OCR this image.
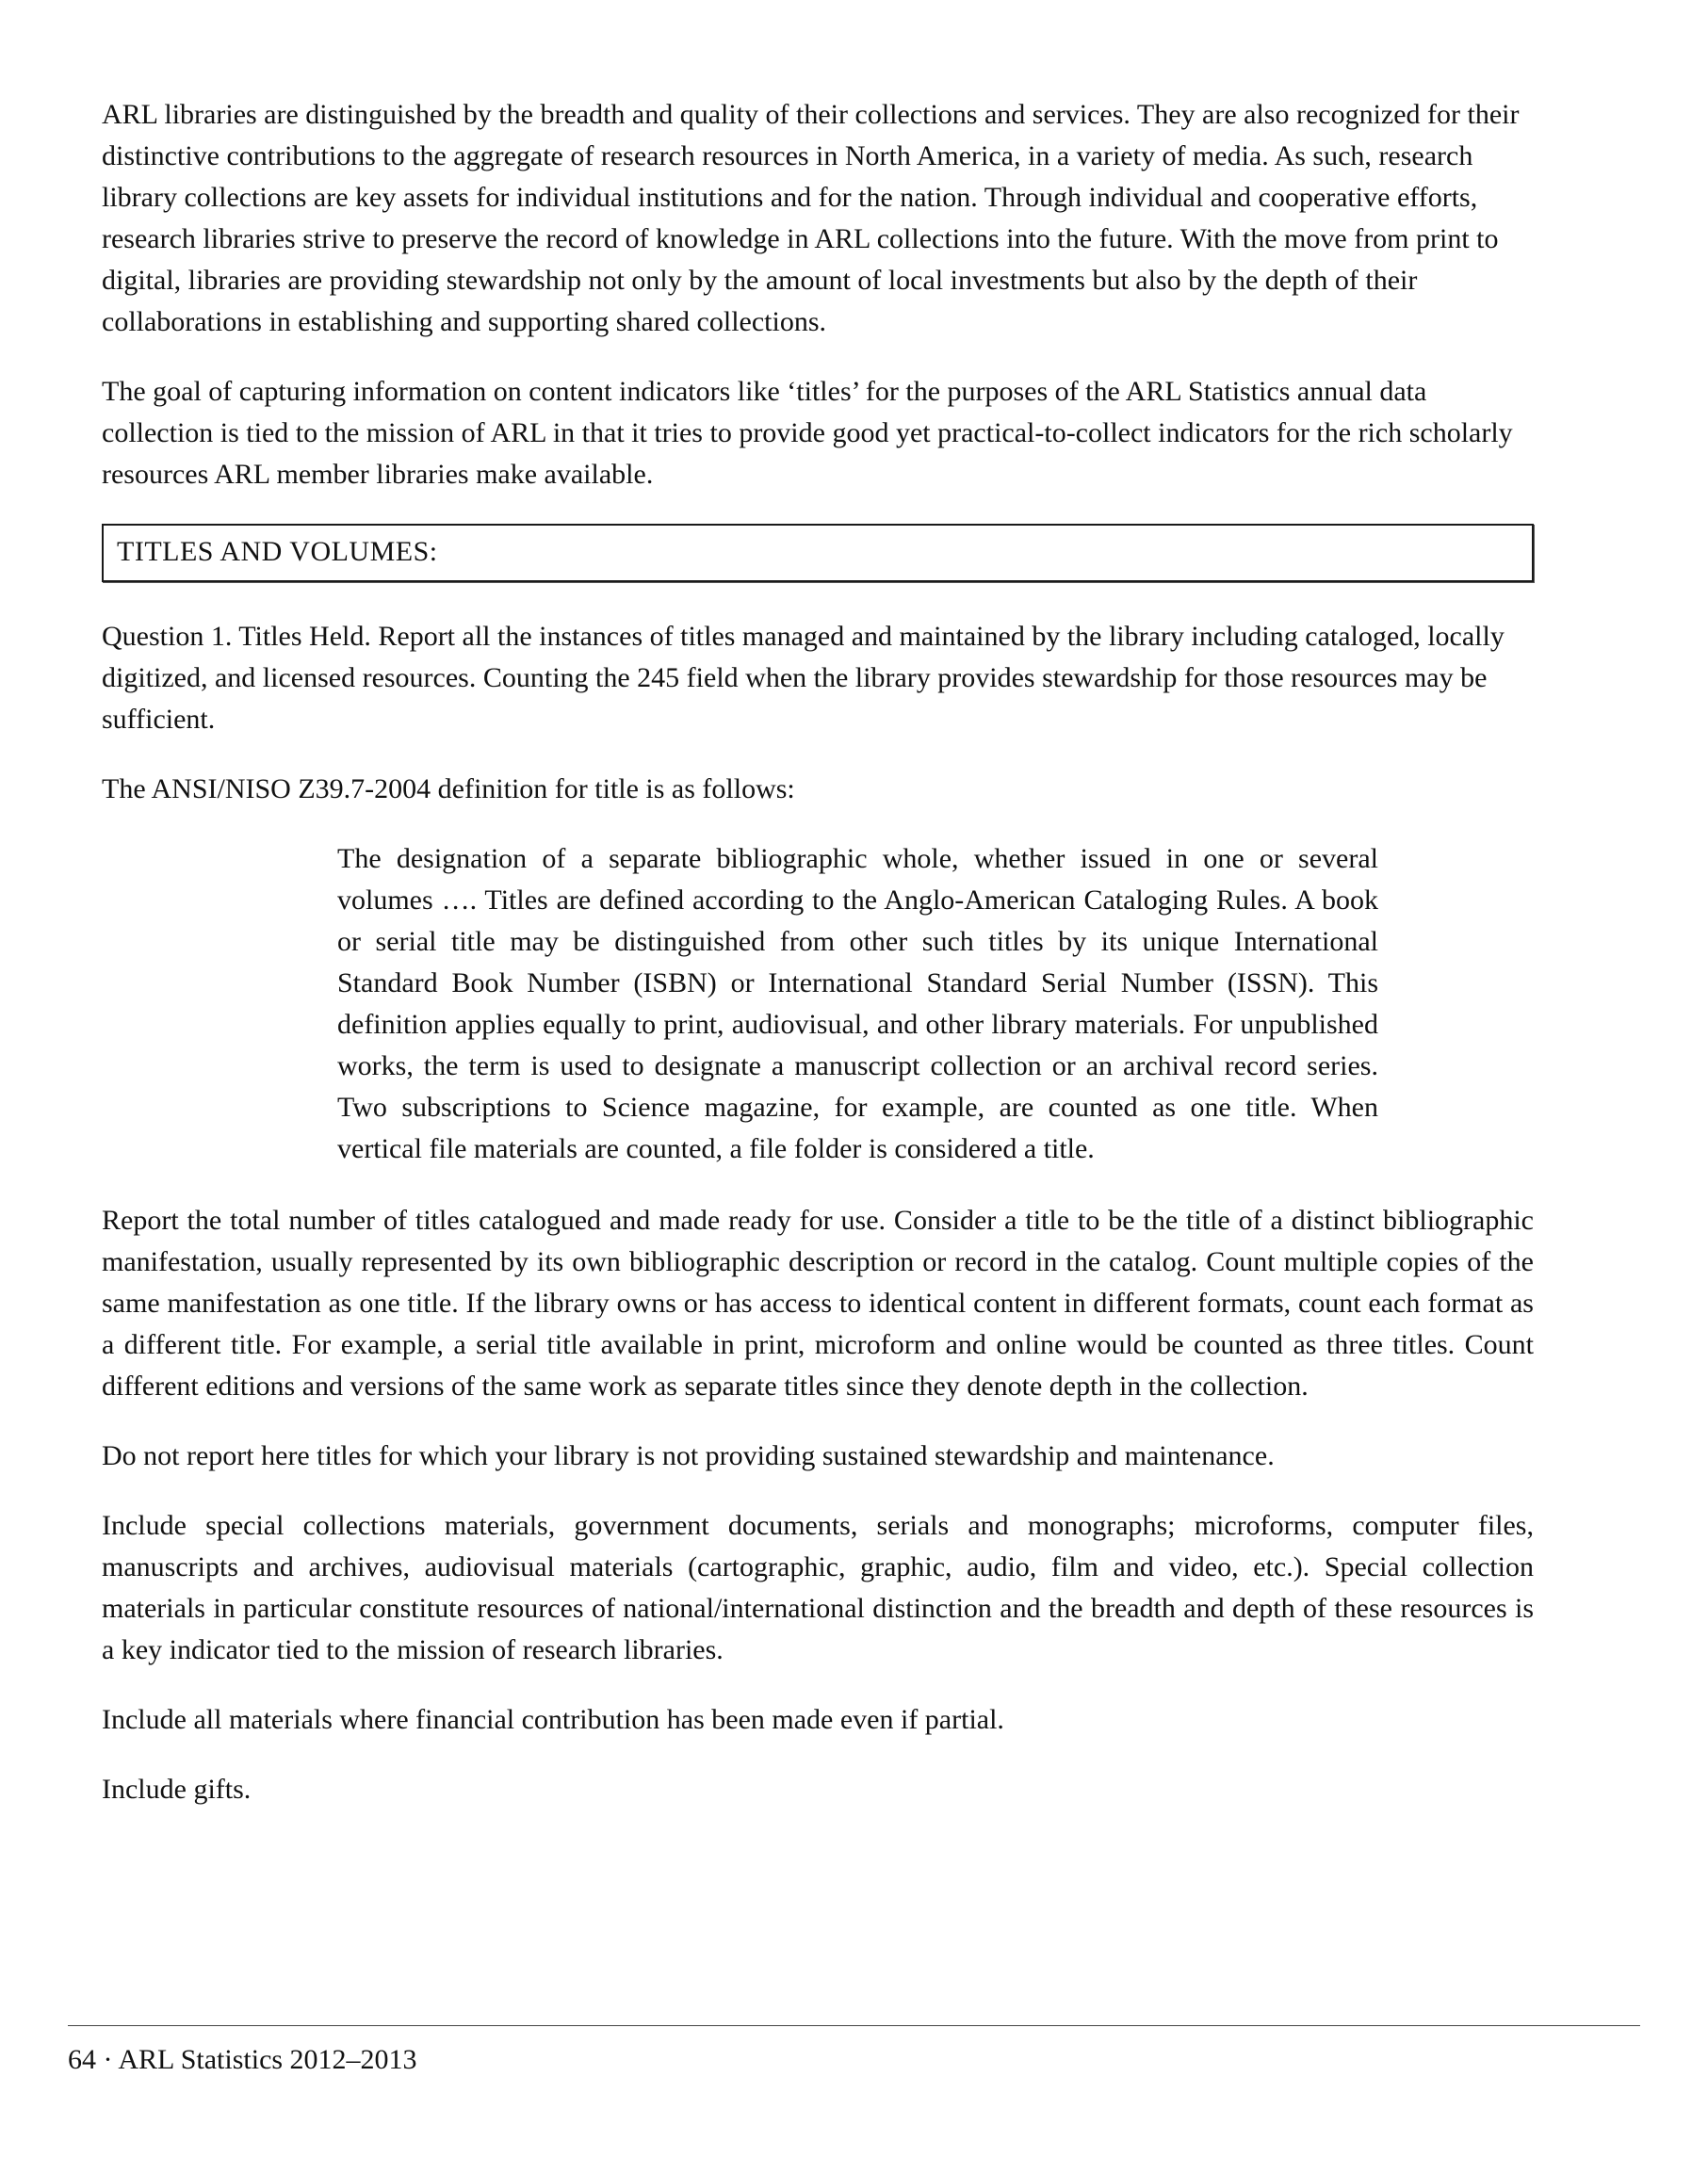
ARL libraries are distinguished by the breadth and quality of their collections and services. They are also recognized for their distinctive contributions to the aggregate of research resources in North America, in a variety of media. As such, research library collections are key assets for individual institutions and for the nation. Through individual and cooperative efforts, research libraries strive to preserve the record of knowledge in ARL collections into the future. With the move from print to digital, libraries are providing stewardship not only by the amount of local investments but also by the depth of their collaborations in establishing and supporting shared collections.

The goal of capturing information on content indicators like ‘titles’ for the purposes of the ARL Statistics annual data collection is tied to the mission of ARL in that it tries to provide good yet practical-to-collect indicators for the rich scholarly resources ARL member libraries make available.

TITLES AND VOLUMES:

Question 1. Titles Held. Report all the instances of titles managed and maintained by the library including cataloged, locally digitized, and licensed resources. Counting the 245 field when the library provides stewardship for those resources may be sufficient.

The ANSI/NISO Z39.7-2004 definition for title is as follows:

The designation of a separate bibliographic whole, whether issued in one or several volumes …. Titles are defined according to the Anglo-American Cataloging Rules. A book or serial title may be distinguished from other such titles by its unique International Standard Book Number (ISBN) or International Standard Serial Number (ISSN). This definition applies equally to print, audiovisual, and other library materials. For unpublished works, the term is used to designate a manuscript collection or an archival record series. Two subscriptions to Science magazine, for example, are counted as one title. When vertical file materials are counted, a file folder is considered a title.

Report the total number of titles catalogued and made ready for use. Consider a title to be the title of a distinct bibliographic manifestation, usually represented by its own bibliographic description or record in the catalog. Count multiple copies of the same manifestation as one title. If the library owns or has access to identical content in different formats, count each format as a different title. For example, a serial title available in print, microform and online would be counted as three titles. Count different editions and versions of the same work as separate titles since they denote depth in the collection.

Do not report here titles for which your library is not providing sustained stewardship and maintenance.

Include special collections materials, government documents, serials and monographs; microforms, computer files, manuscripts and archives, audiovisual materials (cartographic, graphic, audio, film and video, etc.). Special collection materials in particular constitute resources of national/international distinction and the breadth and depth of these resources is a key indicator tied to the mission of research libraries.

Include all materials where financial contribution has been made even if partial.

Include gifts.

64 · ARL Statistics 2012–2013
